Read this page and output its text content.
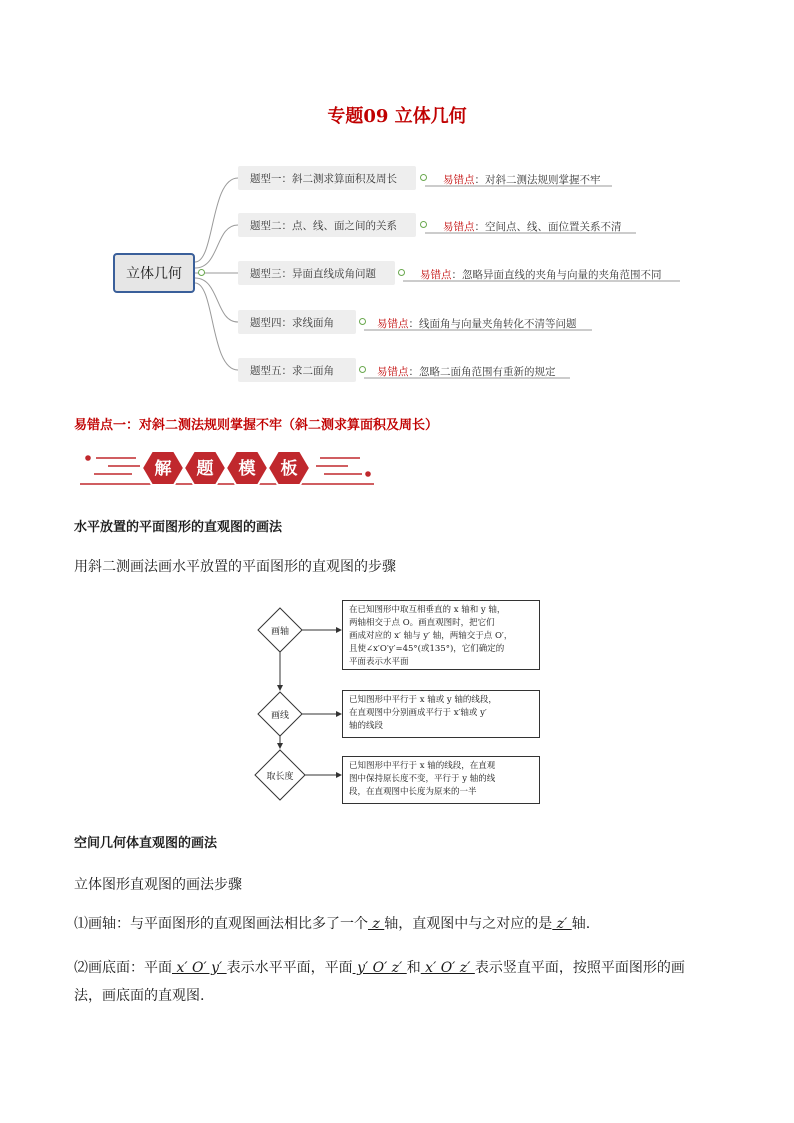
专题09 立体几何
立体几何
题型一：斜二测求算面积及周长	易错点：对斜二测法规则掌握不牢
题型二：点、线、面之间的关系	易错点：空间点、线、面位置关系不清
题型三：异面直线成角问题	易错点：忽略异面直线的夹角与向量的夹角范围不同
题型四：求线面角	易错点：线面角与向量夹角转化不清等问题
题型五：求二面角	易错点：忽略二面角范围有重新的规定
易错点一：对斜二测法规则掌握不牢（斜二测求算面积及周长）
解	题	模	板
水平放置的平面图形的直观图的画法
用斜二测画法画水平放置的平面图形的直观图的步骤
画轴
画线
取长度
在已知图形中取互相垂直的 x 轴和 y 轴，
两轴相交于点 O。画直观图时，把它们
画成对应的 x′ 轴与 y′ 轴，两轴交于点 O′，
且使∠x′O′y′=45°(或135°)，它们确定的
平面表示水平面
已知图形中平行于 x 轴或 y 轴的线段，
在直观图中分别画成平行于 x′轴或 y′
轴的线段
已知图形中平行于 x 轴的线段，在直观
图中保持原长度不变，平行于 y 轴的线
段，在直观图中长度为原来的一半
空间几何体直观图的画法
立体图形直观图的画法步骤
⑴画轴：与平面图形的直观图画法相比多了一个 z 轴，直观图中与之对应的是 z′ 轴.
⑵画底面：平面 x′ O′ y′ 表示水平平面，平面 y′ O′ z′ 和 x′ O′ z′ 表示竖直平面，按照平面图形的画
法，画底面的直观图.
